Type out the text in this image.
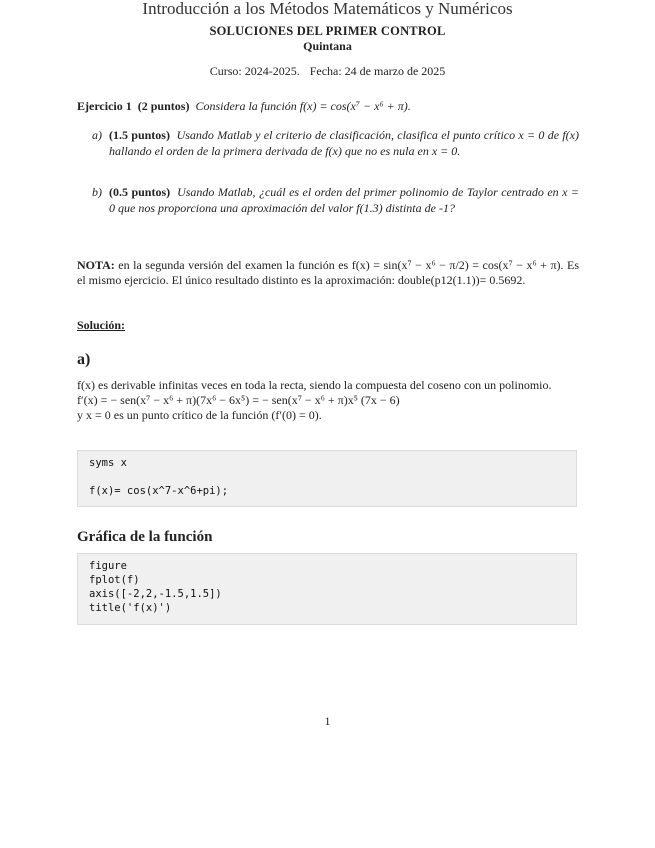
Introducción a los Métodos Matemáticos y Numéricos
SOLUCIONES DEL PRIMER CONTROL
Quintana
Curso: 2024-2025. Fecha: 24 de marzo de 2025
Ejercicio 1 (2 puntos) Considera la función f(x) = cos(x⁷ − x⁶ + π).
a) (1.5 puntos) Usando Matlab y el criterio de clasificación, clasifica el punto crítico x = 0 de f(x) hallando el orden de la primera derivada de f(x) que no es nula en x = 0.
b) (0.5 puntos) Usando Matlab, ¿cuál es el orden del primer polinomio de Taylor centrado en x = 0 que nos proporciona una aproximación del valor f(1.3) distinta de -1?
NOTA: en la segunda versión del examen la función es f(x) = sin(x⁷ − x⁶ − π/2) = cos(x⁷ − x⁶ + π). Es el mismo ejercicio. El único resultado distinto es la aproximación: double(p12(1.1))= 0.5692.
Solución:
a)
f(x) es derivable infinitas veces en toda la recta, siendo la compuesta del coseno con un polinomio.
f′(x) = − sen(x⁷ − x⁶ + π)(7x⁶ − 6x⁵) = − sen(x⁷ − x⁶ + π)x⁵ (7x − 6)
y x = 0 es un punto crítico de la función (f′(0) = 0).
syms x
f(x)= cos(x^7-x^6+pi);
Gráfica de la función
figure
fplot(f)
axis([-2,2,-1.5,1.5])
title('f(x)')
1
